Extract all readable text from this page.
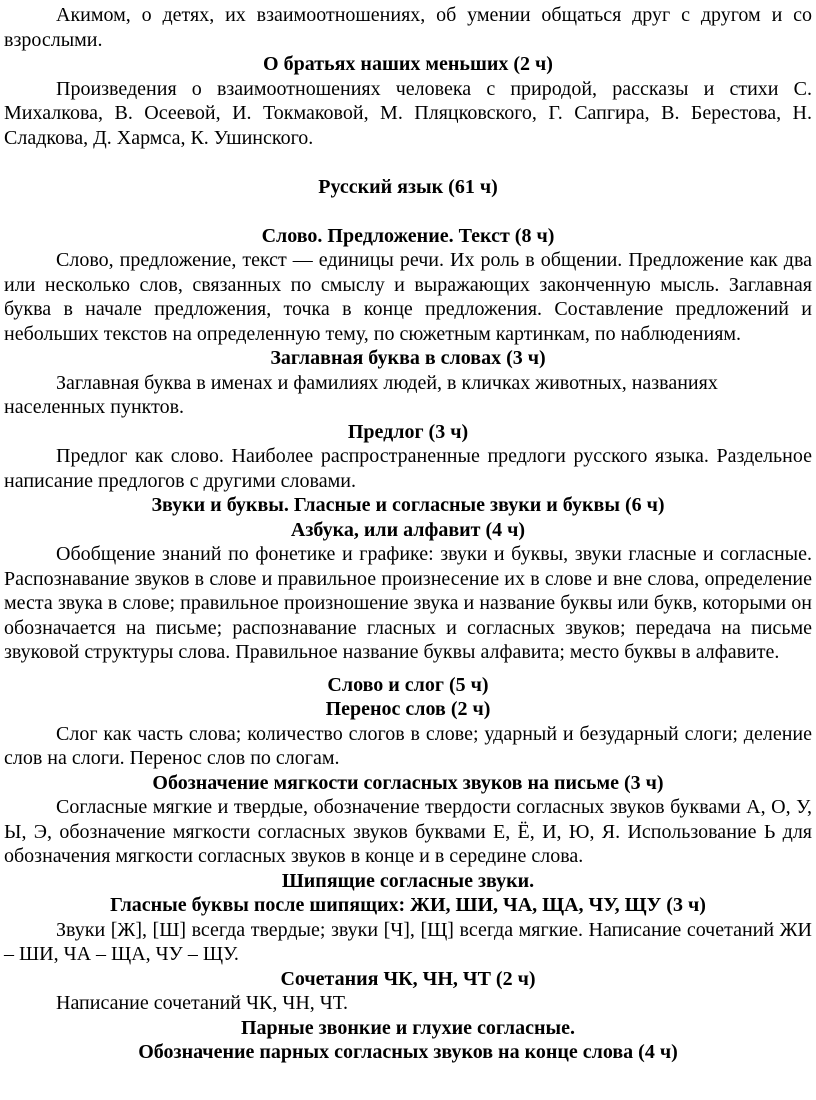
Акимом, о детях, их взаимоотношениях, об умении общаться друг с другом и со взрослыми.

О братьях наших меньших (2 ч)

Произведения о взаимоотношениях человека с природой, рассказы и стихи С. Михалкова, В. Осеевой, И. Токмаковой, М. Пляцковского, Г. Сапгира, В. Берестова, Н. Сладкова, Д. Хармса, К. Ушинского.

Русский язык (61 ч)
Слово. Предложение. Текст (8 ч)

Слово, предложение, текст — единицы речи. Их роль в общении. Предложение как два или несколько слов, связанных по смыслу и выражающих законченную мысль. Заглавная буква в начале предложения, точка в конце предложения. Составление предложений и небольших текстов на определенную тему, по сюжетным картинкам, по наблюдениям.

Заглавная буква в словах (3 ч)

Заглавная буква в именах и фамилиях людей, в кличках животных, названиях населенных пунктов.

Предлог (3 ч)

Предлог как слово. Наиболее распространенные предлоги русского языка. Раздельное написание предлогов с другими словами.

Звуки и буквы. Гласные и согласные звуки и буквы (6 ч)
Азбука, или алфавит (4 ч)

Обобщение знаний по фонетике и графике: звуки и буквы, звуки гласные и согласные. Распознавание звуков в слове и правильное произнесение их в слове и вне слова, определение места звука в слове; правильное произношение звука и название буквы или букв, которыми он обозначается на письме; распознавание гласных и согласных звуков; передача на письме звуковой структуры слова. Правильное название буквы алфавита; место буквы в алфавите.

Слово и слог (5 ч)
Перенос слов (2 ч)

Слог как часть слова; количество слогов в слове; ударный и безударный слоги; деление слов на слоги. Перенос слов по слогам.

Обозначение мягкости согласных звуков на письме (3 ч)

Согласные мягкие и твердые, обозначение твердости согласных звуков буквами А, О, У, Ы, Э, обозначение мягкости согласных звуков буквами Е, Ё, И, Ю, Я. Использование Ь для обозначения мягкости согласных звуков в конце и в середине слова.

Шипящие согласные звуки.
Гласные буквы после шипящих: ЖИ, ШИ, ЧА, ЩА, ЧУ, ЩУ (3 ч)

Звуки [Ж], [Ш] всегда твердые; звуки [Ч], [Щ] всегда мягкие. Написание сочетаний ЖИ – ШИ, ЧА – ЩА, ЧУ – ЩУ.

Сочетания ЧК, ЧН, ЧТ (2 ч)

Написание сочетаний ЧК, ЧН, ЧТ.

Парные звонкие и глухие согласные.
Обозначение парных согласных звуков на конце слова (4 ч)
